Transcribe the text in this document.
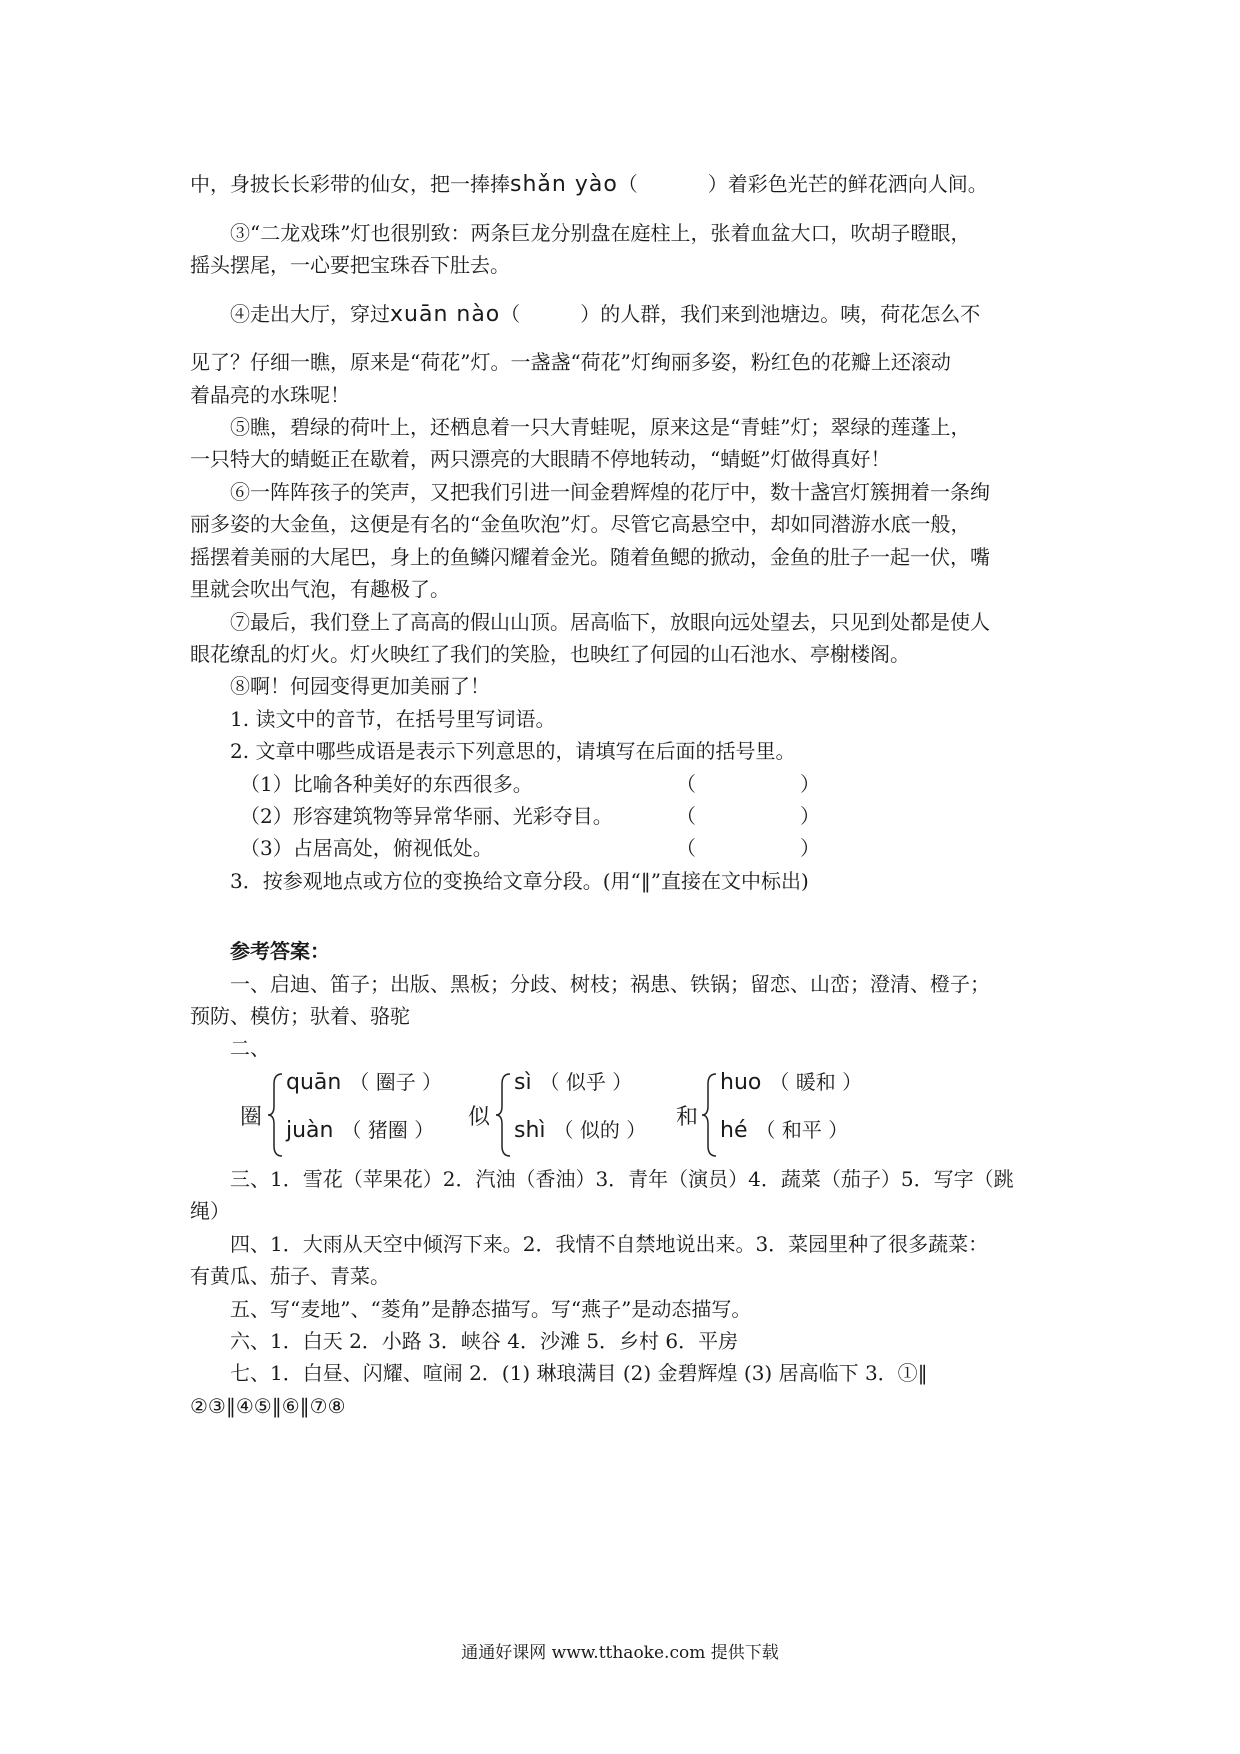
中，身披长长彩带的仙女，把一捧捧shǎn yào（	）着彩色光芒的鲜花洒向人间。
③“二龙戏珠”灯也很别致：两条巨龙分别盘在庭柱上，张着血盆大口，吹胡子瞪眼，
摇头摆尾，一心要把宝珠吞下肚去。
④走出大厅，穿过xuān nào（	）的人群，我们来到池塘边。咦，荷花怎么不
见了？仔细一瞧，原来是“荷花”灯。一盏盏“荷花”灯绚丽多姿，粉红色的花瓣上还滚动
着晶亮的水珠呢！
⑤瞧，碧绿的荷叶上，还栖息着一只大青蛙呢，原来这是“青蛙”灯；翠绿的莲蓬上，
一只特大的蜻蜓正在歇着，两只漂亮的大眼睛不停地转动，“蜻蜓”灯做得真好！
⑥一阵阵孩子的笑声，又把我们引进一间金碧辉煌的花厅中，数十盏宫灯簇拥着一条绚
丽多姿的大金鱼，这便是有名的“金鱼吹泡”灯。尽管它高悬空中，却如同潜游水底一般，
摇摆着美丽的大尾巴，身上的鱼鳞闪耀着金光。随着鱼鳃的掀动，金鱼的肚子一起一伏，嘴
里就会吹出气泡，有趣极了。
⑦最后，我们登上了高高的假山山顶。居高临下，放眼向远处望去，只见到处都是使人
眼花缭乱的灯火。灯火映红了我们的笑脸，也映红了何园的山石池水、亭榭楼阁。
⑧啊！何园变得更加美丽了！
1. 读文中的音节，在括号里写词语。
2. 文章中哪些成语是表示下列意思的，请填写在后面的括号里。
（1）比喻各种美好的东西很多。	（	）
（2）形容建筑物等异常华丽、光彩夺目。	（	）
（3）占居高处，俯视低处。	（	）
3．按参观地点或方位的变换给文章分段。(用“‖”直接在文中标出)
参考答案：
一、启迪、笛子；出版、黑板；分歧、树枝；祸患、铁锅；留恋、山峦；澄清、橙子；
预防、模仿；驮着、骆驼
二、
圈
quān （ 圈子 ）
juàn （ 猪圈 ） 似
sì （ 似乎 ）
shì （ 似的 ） 和
huo （ 暖和 ）
hé （ 和平 ）
三、1．雪花（苹果花）2．汽油（香油）3．青年（演员）4．蔬菜（茄子）5．写字（跳
绳）
四、1．大雨从天空中倾泻下来。2．我情不自禁地说出来。3．菜园里种了很多蔬菜：
有黄瓜、茄子、青菜。
五、写“麦地”、“菱角”是静态描写。写“燕子”是动态描写。
六、1．白天 2．小路 3．峡谷 4．沙滩 5．乡村 6．平房
七、1．白昼、闪耀、喧闹 2．(1) 琳琅满目 (2) 金碧辉煌 (3) 居高临下 3．①‖
②③‖④⑤‖⑥‖⑦⑧
通通好课网 www.tthaoke.com 提供下载
